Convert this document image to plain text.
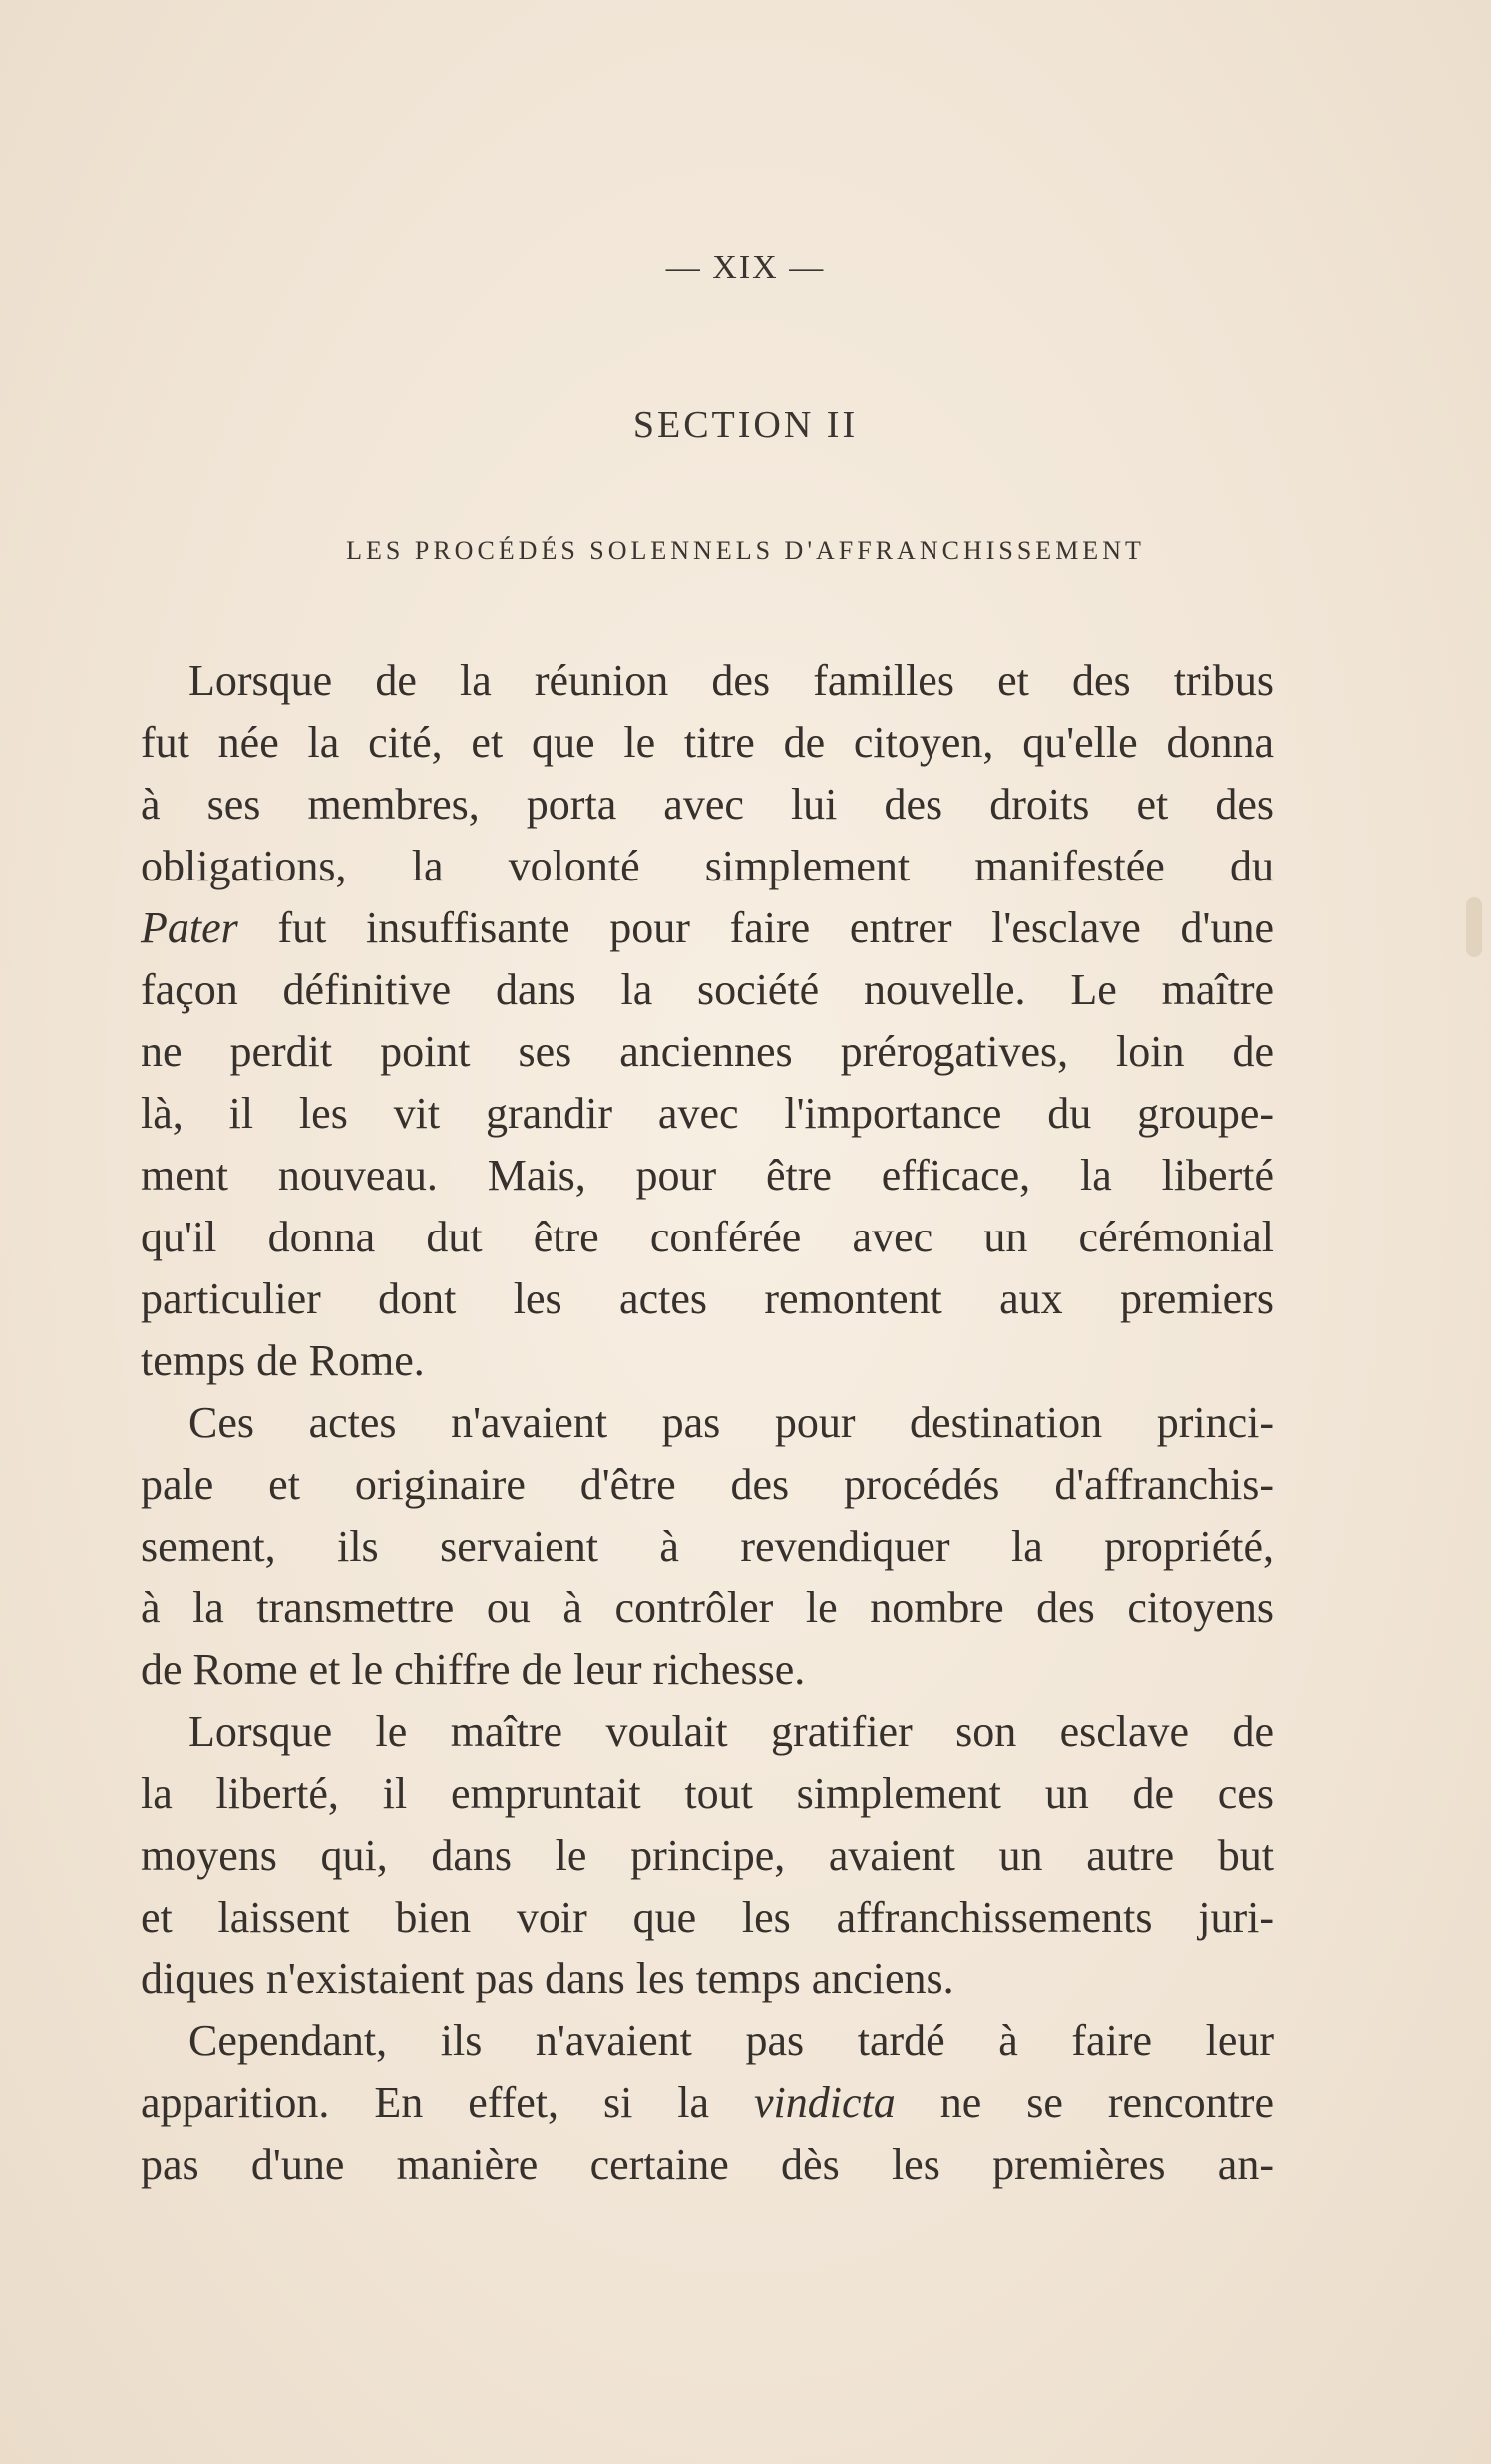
— XIX —
SECTION II
LES PROCÉDÉS SOLENNELS D'AFFRANCHISSEMENT
Lorsque de la réunion des familles et des tribus
fut née la cité, et que le titre de citoyen, qu'elle donna
à ses membres, porta avec lui des droits et des
obligations, la volonté simplement manifestée du
Pater fut insuffisante pour faire entrer l'esclave d'une
façon définitive dans la société nouvelle. Le maître
ne perdit point ses anciennes prérogatives, loin de
là, il les vit grandir avec l'importance du groupe-
ment nouveau. Mais, pour être efficace, la liberté
qu'il donna dut être conférée avec un cérémonial
particulier dont les actes remontent aux premiers
temps de Rome.
Ces actes n'avaient pas pour destination princi-
pale et originaire d'être des procédés d'affranchis-
sement, ils servaient à revendiquer la propriété,
à la transmettre ou à contrôler le nombre des citoyens
de Rome et le chiffre de leur richesse.
Lorsque le maître voulait gratifier son esclave de
la liberté, il empruntait tout simplement un de ces
moyens qui, dans le principe, avaient un autre but
et laissent bien voir que les affranchissements juri-
diques n'existaient pas dans les temps anciens.
Cependant, ils n'avaient pas tardé à faire leur
apparition. En effet, si la vindicta ne se rencontre
pas d'une manière certaine dès les premières an-
